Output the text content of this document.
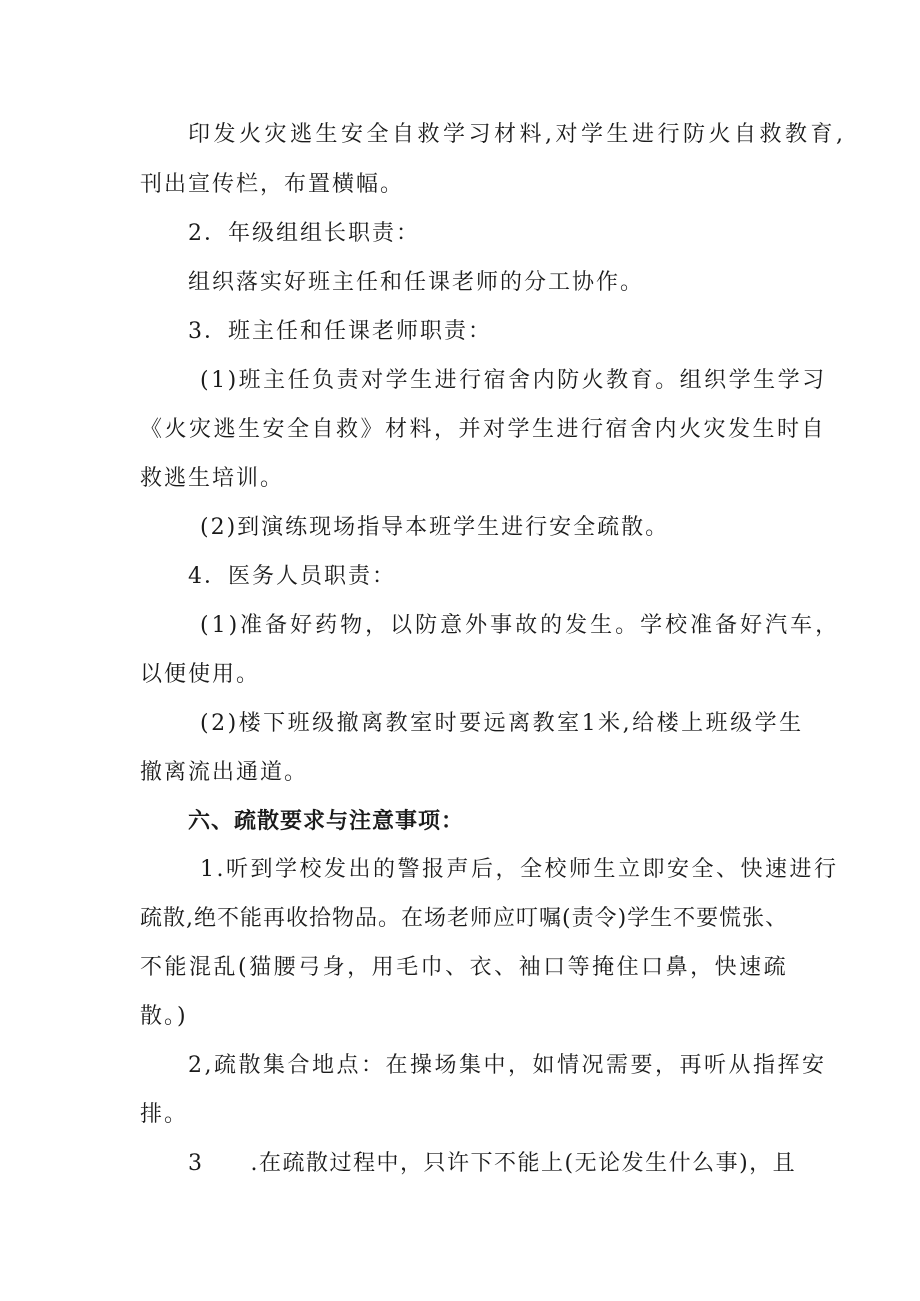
印发火灾逃生安全自救学习材料,对学生进行防火自救教育,
刊出宣传栏，布置横幅。
2．年级组组长职责：
组织落实好班主任和任课老师的分工协作。
3．班主任和任课老师职责：
(1)班主任负责对学生进行宿舍内防火教育。组织学生学习
《火灾逃生安全自救》材料，并对学生进行宿舍内火灾发生时自
救逃生培训。
(2)到演练现场指导本班学生进行安全疏散。
4．医务人员职责：
(1)准备好药物，以防意外事故的发生。学校准备好汽车，
以便使用。
(2)楼下班级撤离教室时要远离教室1米,给楼上班级学生
撤离流出通道。
六、疏散要求与注意事项：
1.听到学校发出的警报声后，全校师生立即安全、快速进行
疏散,绝不能再收拾物品。在场老师应叮嘱(责令)学生不要慌张、
不能混乱(猫腰弓身，用毛巾、衣、袖口等掩住口鼻，快速疏
散。)
2,疏散集合地点：在操场集中，如情况需要，再听从指挥安
排。
3　　.在疏散过程中，只许下不能上(无论发生什么事)，且
